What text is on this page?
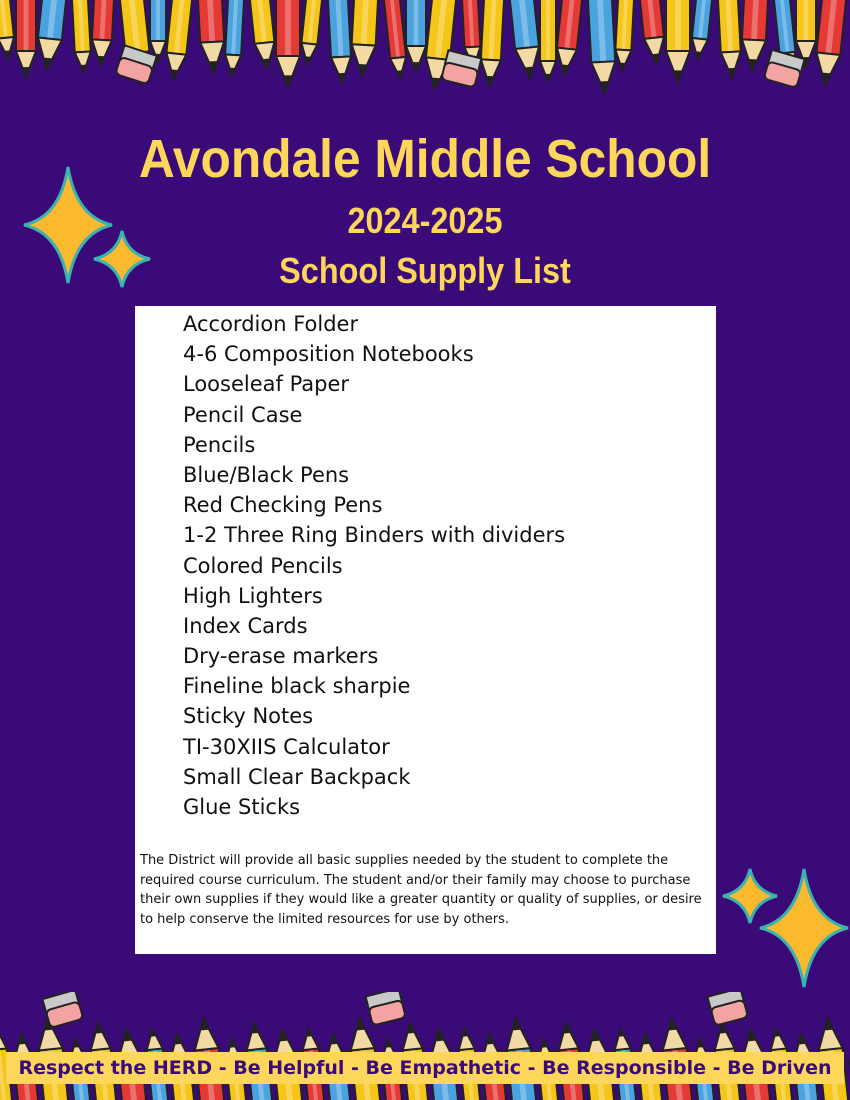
Avondale Middle School
2024-2025
School Supply List
Accordion Folder
4-6 Composition Notebooks
Looseleaf Paper
Pencil Case
Pencils
Blue/Black Pens
Red Checking Pens
1-2 Three Ring Binders with dividers
Colored Pencils
High Lighters
Index Cards
Dry-erase markers
Fineline black sharpie
Sticky Notes
TI-30XIIS Calculator
Small Clear Backpack
Glue Sticks

The District will provide all basic supplies needed by the student to complete the required course curriculum. The student and/or their family may choose to purchase their own supplies if they would like a greater quantity or quality of supplies, or desire to help conserve the limited resources for use by others.

Respect the HERD - Be Helpful - Be Empathetic - Be Responsible - Be Driven
